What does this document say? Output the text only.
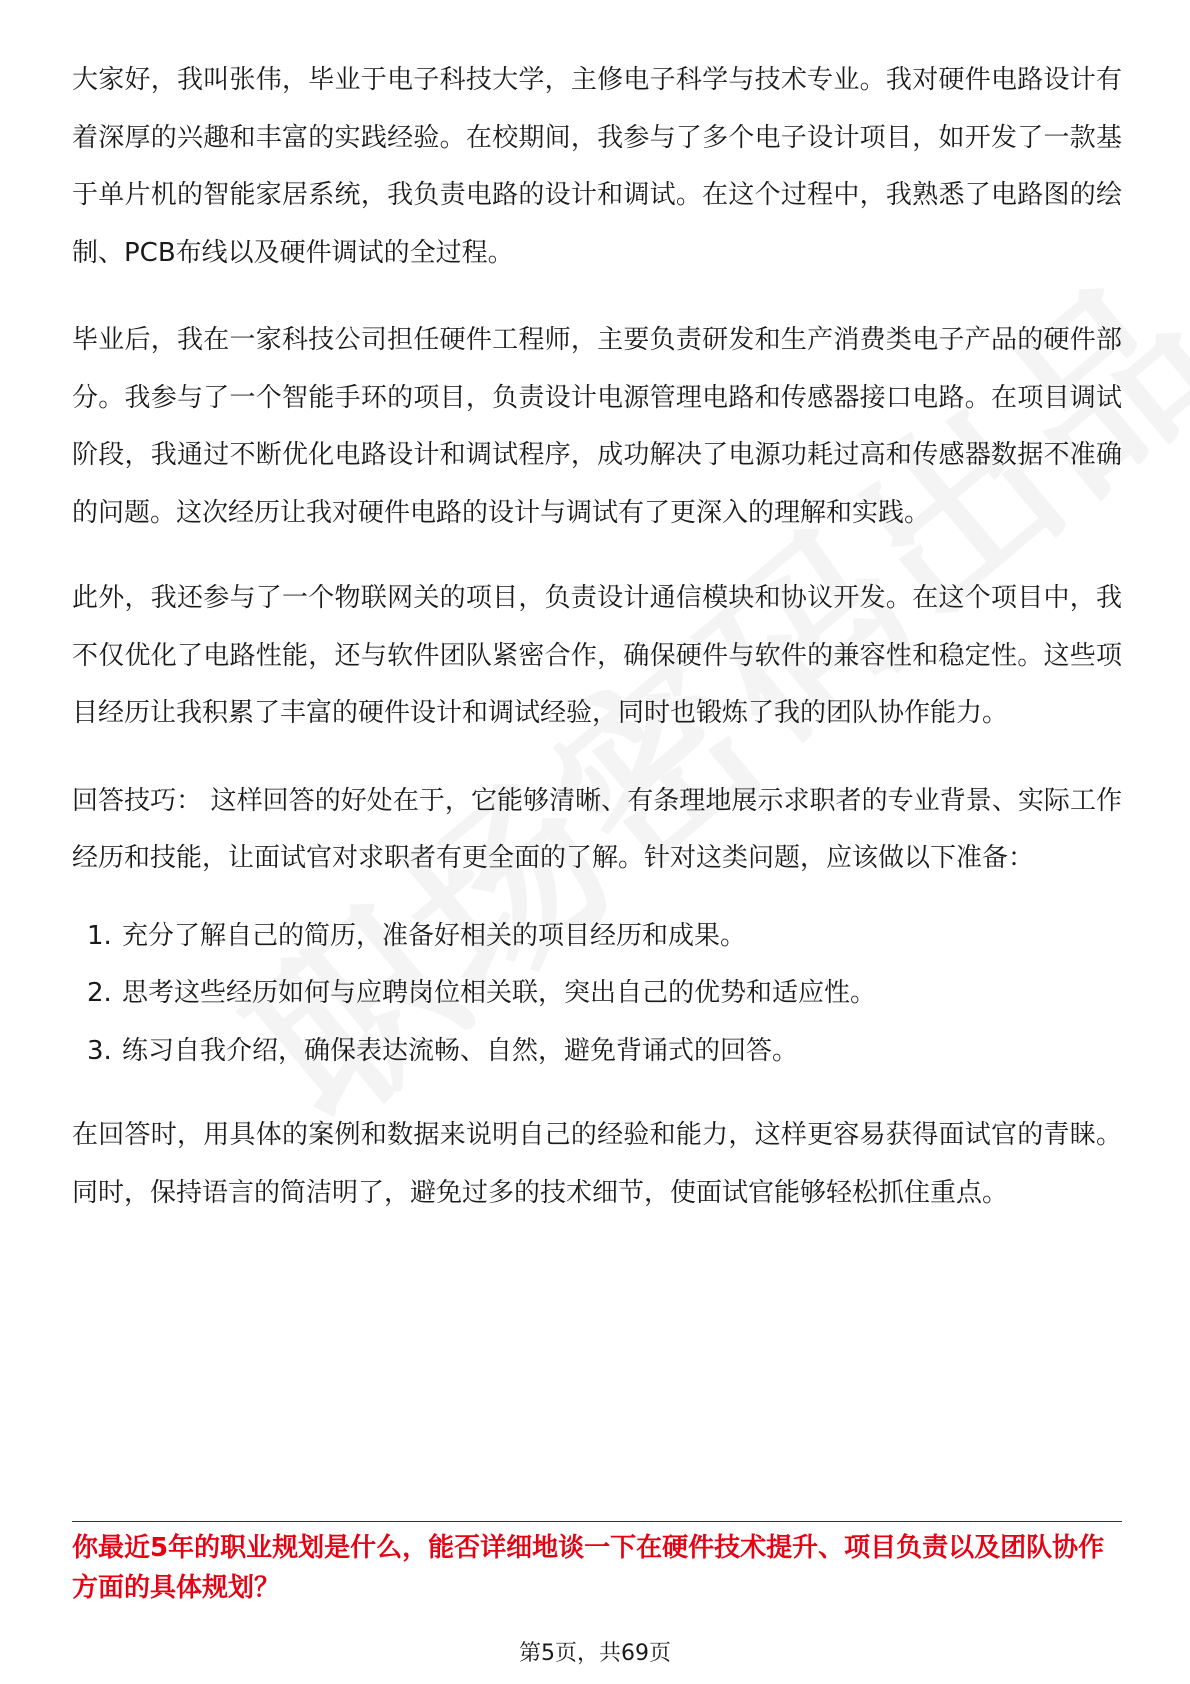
大家好，我叫张伟，毕业于电子科技大学，主修电子科学与技术专业。我对硬件电路设计有着深厚的兴趣和丰富的实践经验。在校期间，我参与了多个电子设计项目，如开发了一款基于单片机的智能家居系统，我负责电路的设计和调试。在这个过程中，我熟悉了电路图的绘制、PCB布线以及硬件调试的全过程。

毕业后，我在一家科技公司担任硬件工程师，主要负责研发和生产消费类电子产品的硬件部分。我参与了一个智能手环的项目，负责设计电源管理电路和传感器接口电路。在项目调试阶段，我通过不断优化电路设计和调试程序，成功解决了电源功耗过高和传感器数据不准确的问题。这次经历让我对硬件电路的设计与调试有了更深入的理解和实践。

此外，我还参与了一个物联网关的项目，负责设计通信模块和协议开发。在这个项目中，我不仅优化了电路性能，还与软件团队紧密合作，确保硬件与软件的兼容性和稳定性。这些项目经历让我积累了丰富的硬件设计和调试经验，同时也锻炼了我的团队协作能力。

回答技巧： 这样回答的好处在于，它能够清晰、有条理地展示求职者的专业背景、实际工作经历和技能，让面试官对求职者有更全面的了解。针对这类问题，应该做以下准备：

1. 充分了解自己的简历，准备好相关的项目经历和成果。
2. 思考这些经历如何与应聘岗位相关联，突出自己的优势和适应性。
3. 练习自我介绍，确保表达流畅、自然，避免背诵式的回答。

在回答时，用具体的案例和数据来说明自己的经验和能力，这样更容易获得面试官的青睐。同时，保持语言的简洁明了，避免过多的技术细节，使面试官能够轻松抓住重点。

你最近5年的职业规划是什么，能否详细地谈一下在硬件技术提升、项目负责以及团队协作方面的具体规划？

第5页，共69页
